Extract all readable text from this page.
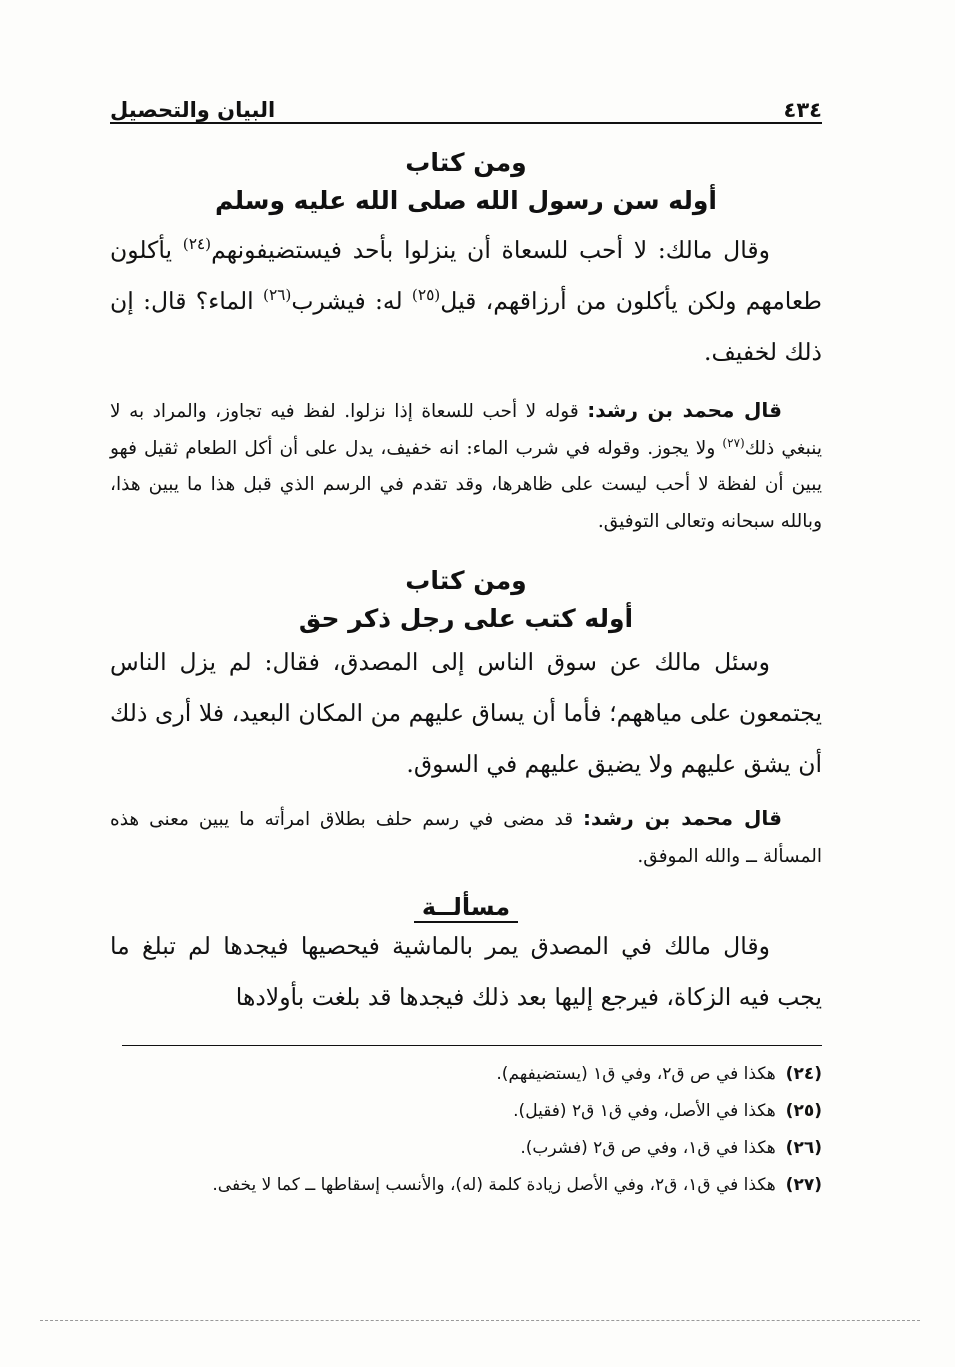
٤٣٤
البيان والتحصيل
ومن كتاب
أوله سن رسول الله صلى الله عليه وسلم

وقال مالك: لا أحب للسعاة أن ينزلوا بأحد فيستضيفونهم$^{(٢٤)}$ يأكلون طعامهم ولكن يأكلون من أرزاقهم، قيل$^{(٢٥)}$ له: فيشرب$^{(٢٦)}$ الماء؟ قال: إن ذلك لخفيف.

قال محمد بن رشد: قوله لا أحب للسعاة إذا نزلوا. لفظ فيه تجاوز، والمراد به لا ينبغي ذلك$^{(٢٧)}$ ولا يجوز. وقوله في شرب الماء: انه خفيف، يدل على أن أكل الطعام ثقيل فهو يبين أن لفظة لا أحب ليست على ظاهرها، وقد تقدم في الرسم الذي قبل هذا ما يبين هذا، وبالله سبحانه وتعالى التوفيق.

ومن كتاب
أوله كتب على رجل ذكر حق

وسئل مالك عن سوق الناس إلى المصدق، فقال: لم يزل الناس يجتمعون على مياههم؛ فأما أن يساق عليهم من المكان البعيد، فلا أرى ذلك أن يشق عليهم ولا يضيق عليهم في السوق.

قال محمد بن رشد: قد مضى في رسم حلف بطلاق امرأته ما يبين معنى هذه المسألة ــ والله الموفق.

مسألــة

وقال مالك في المصدق يمر بالماشية فيحصيها فيجدها لم تبلغ ما يجب فيه الزكاة، فيرجع إليها بعد ذلك فيجدها قد بلغت بأولادها

(٢٤)هكذا في ص ق٢، وفي ق١ (يستضيفهم).
(٢٥)هكذا في الأصل، وفي ق١ ق٢ (فقيل).
(٢٦)هكذا في ق١، وفي ص ق٢ (فشرب).
(٢٧)هكذا في ق١، ق٢، وفي الأصل زيادة كلمة (له)، والأنسب إسقاطها ــ كما لا يخفى.
